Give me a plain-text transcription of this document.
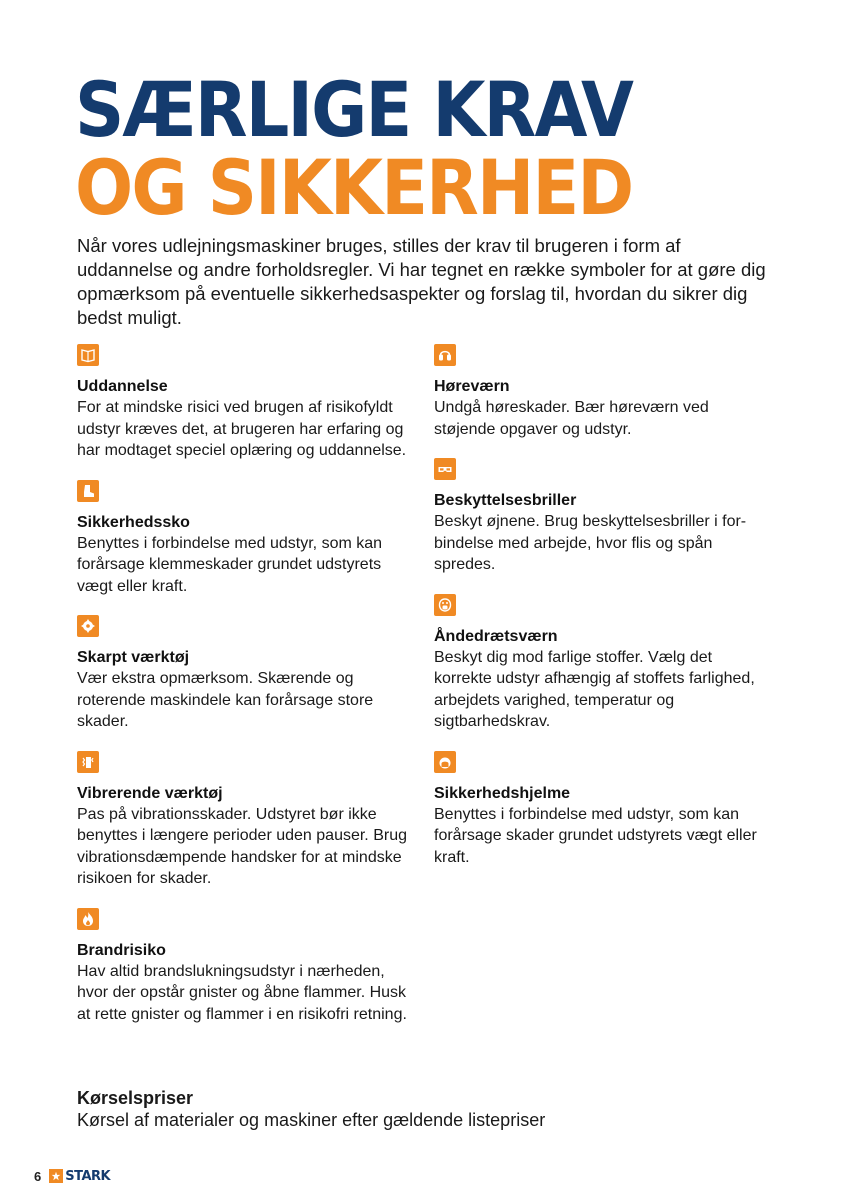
SÆRLIGE KRAV
OG SIKKERHED

Når vores udlejningsmaskiner bruges, stilles der krav til brugeren i form af uddannelse og andre forholdsregler. Vi har tegnet en række symboler for at gøre dig opmærksom på eventuelle sikkerhedsaspekter og forslag til, hvordan du sikrer dig bedst muligt.

Uddannelse

For at mindske risici ved brugen af risikofyldt udstyr kræves det, at brugeren har erfaring og har modtaget speciel oplæring og uddannelse.

Sikkerhedssko

Benyttes i forbindelse med udstyr, som kan forårsage klemmeskader grundet udstyrets vægt eller kraft.

Skarpt værktøj

Vær ekstra opmærksom. Skærende og roterende maskindele kan forårsage store skader.

Vibrerende værktøj

Pas på vibrationsskader. Udstyret bør ikke benyttes i længere perioder uden pauser. Brug vibrationsdæmpende handsker for at mindske risikoen for skader.

Brandrisiko

Hav altid brandslukningsudstyr i nærheden, hvor der opstår gnister og åbne flammer. Husk at rette gnister og flammer i en risikofri retning.

Høreværn

Undgå høreskader. Bær høreværn ved støjende opgaver og udstyr.

Beskyttelsesbriller

Beskyt øjnene. Brug beskyttelsesbriller i for-bindelse med arbejde, hvor flis og spån spredes.

Åndedrætsværn

Beskyt dig mod farlige stoffer. Vælg det korrekte udstyr afhængig af stoffets farlighed, arbejdets varighed, temperatur og sigtbarhedskrav.

Sikkerhedshjelme

Benyttes i forbindelse med udstyr, som kan forårsage skader grundet udstyrets vægt eller kraft.

Kørselspriser

Kørsel af materialer og maskiner efter gældende listepriser

6 STARK
